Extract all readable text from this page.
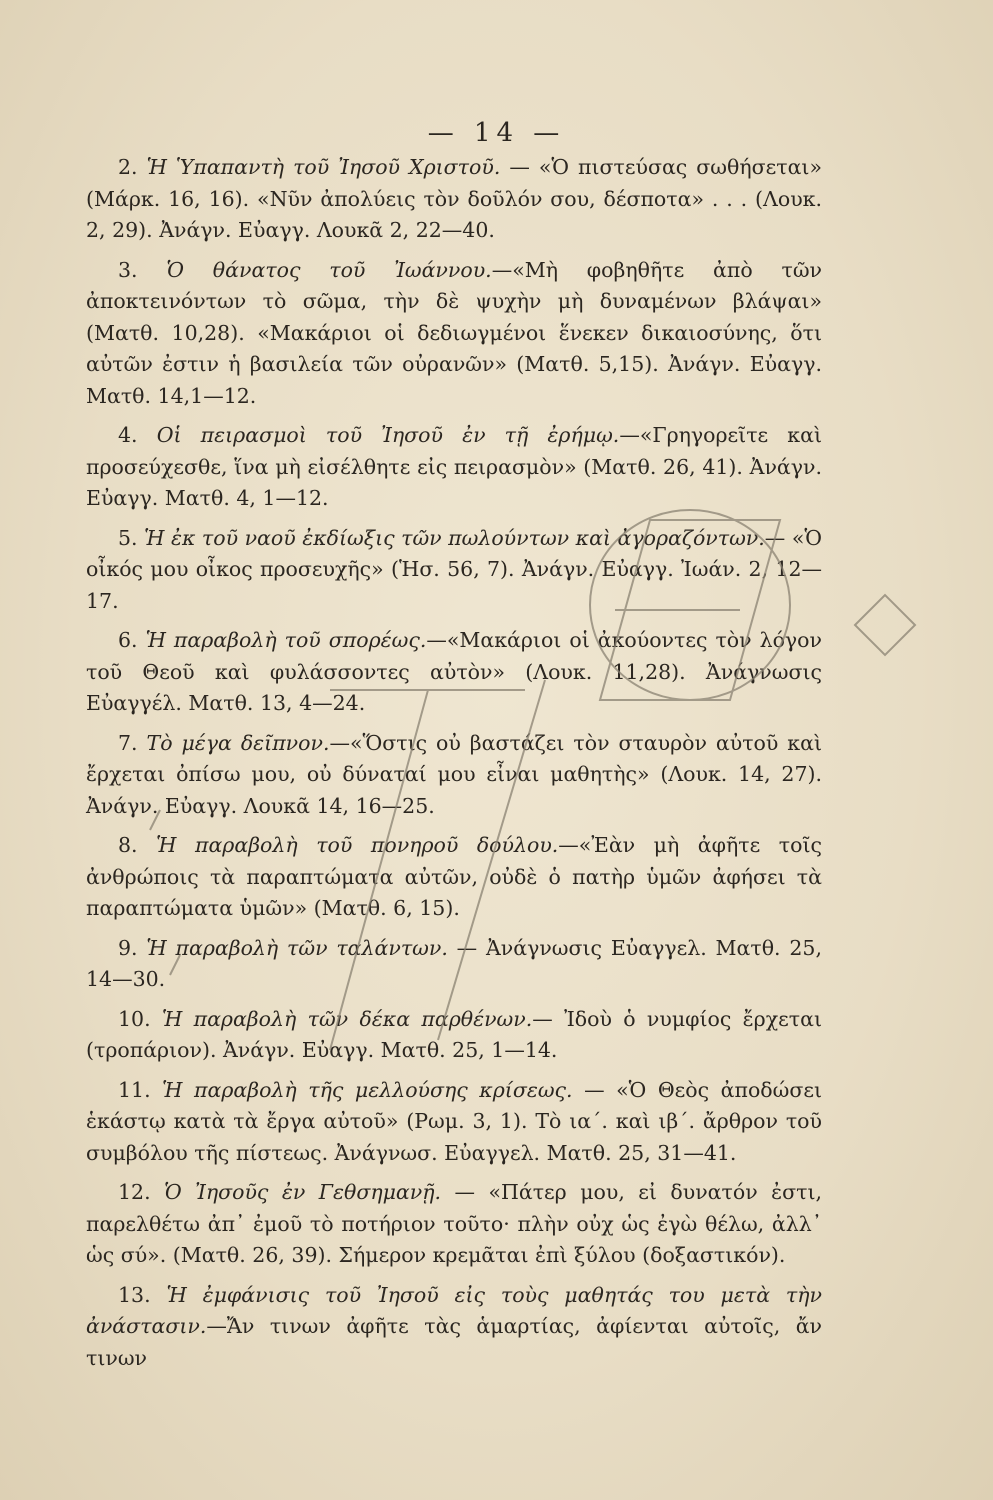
— 14 —

2. Ἡ Ὑπαπαντὴ τοῦ Ἰησοῦ Χριστοῦ. — «Ὁ πιστεύσας σωθήσεται» (Μάρκ. 16, 16). «Νῦν ἀπολύεις τὸν δοῦλόν σου, δέσποτα» . . . (Λουκ. 2, 29). Ἀνάγν. Εὐαγγ. Λουκᾶ 2, 22—40.

3. Ὁ θάνατος τοῦ Ἰωάννου.—«Μὴ φοβηθῆτε ἀπὸ τῶν ἀποκτεινόντων τὸ σῶμα, τὴν δὲ ψυχὴν μὴ δυναμένων βλάψαι» (Ματθ. 10,28). «Μακάριοι οἱ δεδιωγμένοι ἕνεκεν δικαιοσύνης, ὅτι αὐτῶν ἐστιν ἡ βασιλεία τῶν οὐρανῶν» (Ματθ. 5,15). Ἀνάγν. Εὐαγγ. Ματθ. 14,1—12.

4. Οἱ πειρασμοὶ τοῦ Ἰησοῦ ἐν τῇ ἐρήμῳ.—«Γρηγορεῖτε καὶ προσεύχεσθε, ἵνα μὴ εἰσέλθητε εἰς πειρασμὸν» (Ματθ. 26, 41). Ἀνάγν. Εὐαγγ. Ματθ. 4, 1—12.

5. Ἡ ἐκ τοῦ ναοῦ ἐκδίωξις τῶν πωλούντων καὶ ἀγοραζόντων.— «Ὁ οἶκός μου οἶκος προσευχῆς» (Ἡσ. 56, 7). Ἀνάγν. Εὐαγγ. Ἰωάν. 2, 12—17.

6. Ἡ παραβολὴ τοῦ σπορέως.—«Μακάριοι οἱ ἀκούοντες τὸν λόγον τοῦ Θεοῦ καὶ φυλάσσοντες αὐτὸν» (Λουκ. 11,28). Ἀνάγνωσις Εὐαγγέλ. Ματθ. 13, 4—24.

7. Τὸ μέγα δεῖπνον.—«Ὅστις οὐ βαστάζει τὸν σταυρὸν αὐτοῦ καὶ ἔρχεται ὀπίσω μου, οὐ δύναταί μου εἶναι μαθητὴς» (Λουκ. 14, 27). Ἀνάγν. Εὐαγγ. Λουκᾶ 14, 16—25.

8. Ἡ παραβολὴ τοῦ πονηροῦ δούλου.—«Ἐὰν μὴ ἀφῆτε τοῖς ἀνθρώποις τὰ παραπτώματα αὐτῶν, οὐδὲ ὁ πατὴρ ὑμῶν ἀφήσει τὰ παραπτώματα ὑμῶν» (Ματθ. 6, 15).

9. Ἡ παραβολὴ τῶν ταλάντων. — Ἀνάγνωσις Εὐαγγελ. Ματθ. 25, 14—30.

10. Ἡ παραβολὴ τῶν δέκα παρθένων.— Ἰδοὺ ὁ νυμφίος ἔρχεται (τροπάριον). Ἀνάγν. Εὐαγγ. Ματθ. 25, 1—14.

11. Ἡ παραβολὴ τῆς μελλούσης κρίσεως. — «Ὁ Θεὸς ἀποδώσει ἑκάστῳ κατὰ τὰ ἔργα αὐτοῦ» (Ρωμ. 3, 1). Τὸ ια΄. καὶ ιβ΄. ἄρθρον τοῦ συμβόλου τῆς πίστεως. Ἀνάγνωσ. Εὐαγγελ. Ματθ. 25, 31—41.

12. Ὁ Ἰησοῦς ἐν Γεθσημανῇ. — «Πάτερ μου, εἰ δυνατόν ἐστι, παρελθέτω ἀπ᾿ ἐμοῦ τὸ ποτήριον τοῦτο· πλὴν οὐχ ὡς ἐγὼ θέλω, ἀλλ᾿ ὡς σύ». (Ματθ. 26, 39). Σήμερον κρεμᾶται ἐπὶ ξύλου (δοξαστικόν).

13. Ἡ ἐμφάνισις τοῦ Ἰησοῦ εἰς τοὺς μαθητάς του μετὰ τὴν ἀνάστασιν.—Ἄν τινων ἀφῆτε τὰς ἁμαρτίας, ἀφίενται αὐτοῖς, ἄν τινων
